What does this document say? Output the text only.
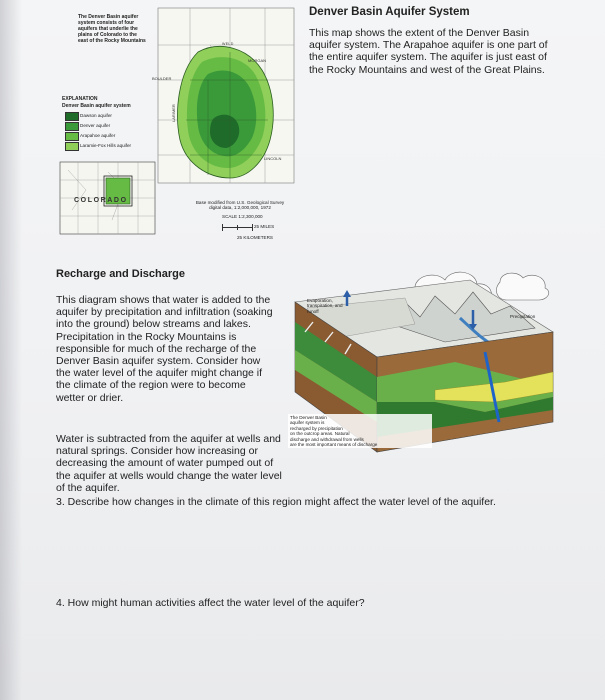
The Denver Basin aquifer
system consists of four
aquifers that underlie the
plains of Colorado to the
east of the Rocky Mountains	WELD
MORGAN
BOULDER
LINCOLN
LARIMER
Base modified from U.S. Geological Survey digital data, 1:2,000,000, 1972
SCALE 1:2,300,000
25 MILES
25 KILOMETERS
EXPLANATION
Denver Basin aquifer system
Dawson aquifer
Denver aquifer
Arapahoe aquifer
Laramie-Fox Hills aquifer
COLORADO
Denver Basin Aquifer System
This map shows the extent of the Denver Basin aquifer system. The Arapahoe aquifer is one part of the entire aquifer system. The aquifer is just east of the Rocky Mountains and west of the Great Plains.
Recharge and Discharge
This diagram shows that water is added to the aquifer by precipitation and infiltration (soaking into the ground) below streams and lakes. Precipitation in the Rocky Mountains is responsible for much of the recharge of the Denver Basin aquifer system. Consider how the water level of the aquifer might change if the climate of the region were to become wetter or drier.
Evaporation, transpiration, and runoff
Precipitation
The Denver Basin
aquifer system is
recharged by precipitation
on the outcrop areas. Natural
discharge and withdrawal from wells
are the most important means of discharge
Water is subtracted from the aquifer at wells and natural springs. Consider how increasing or decreasing the amount of water pumped out of the aquifer at wells would change the water level of the aquifer.
3. Describe how changes in the climate of this region might affect the water level of the aquifer.
4. How might human activities affect the water level of the aquifer?
